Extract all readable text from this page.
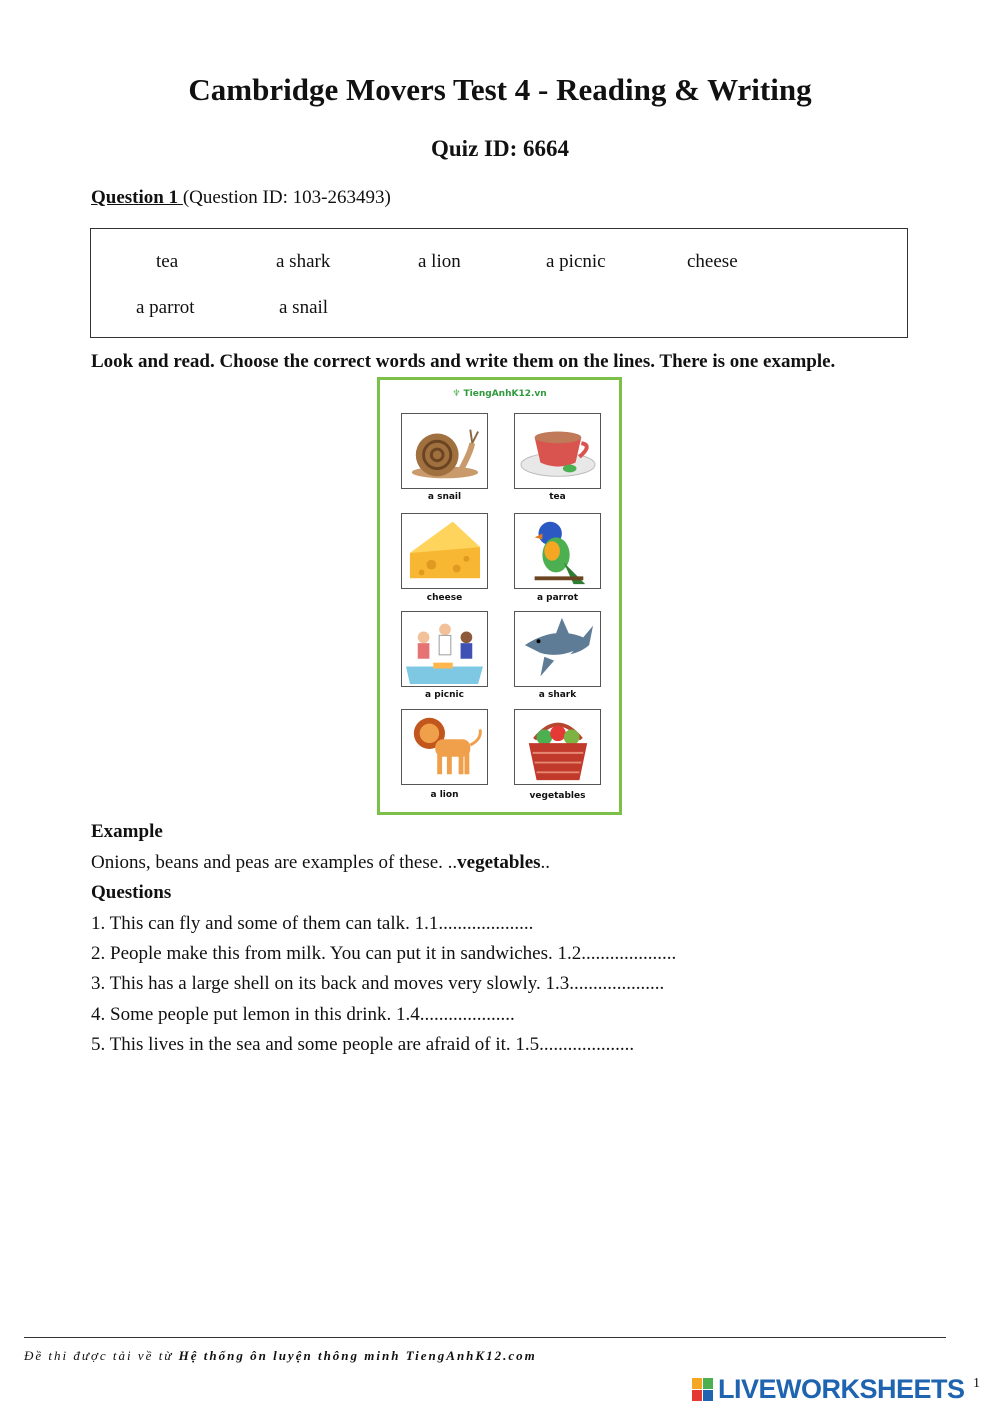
Cambridge Movers Test 4 - Reading & Writing
Quiz ID: 6664
Question 1 (Question ID: 103-263493)
tea	a shark	a lion	a picnic	cheese
a parrot	a snail
Look and read. Choose the correct words and write them on the lines. There is one example.
♆ TiengAnhK12.vn
a snail	tea
cheese	a parrot
a picnic	a shark
a lion	vegetables
Example
Onions, beans and peas are examples of these. ..vegetables..
Questions
1. This can fly and some of them can talk. 1.1....................
2. People make this from milk. You can put it in sandwiches. 1.2....................
3. This has a large shell on its back and moves very slowly. 1.3....................
4. Some people put lemon in this drink. 1.4....................
5. This lives in the sea and some people are afraid of it. 1.5....................
Đề thi được tải về từ Hệ thống ôn luyện thông minh TiengAnhK12.com
LIVEWORKSHEETS 1
